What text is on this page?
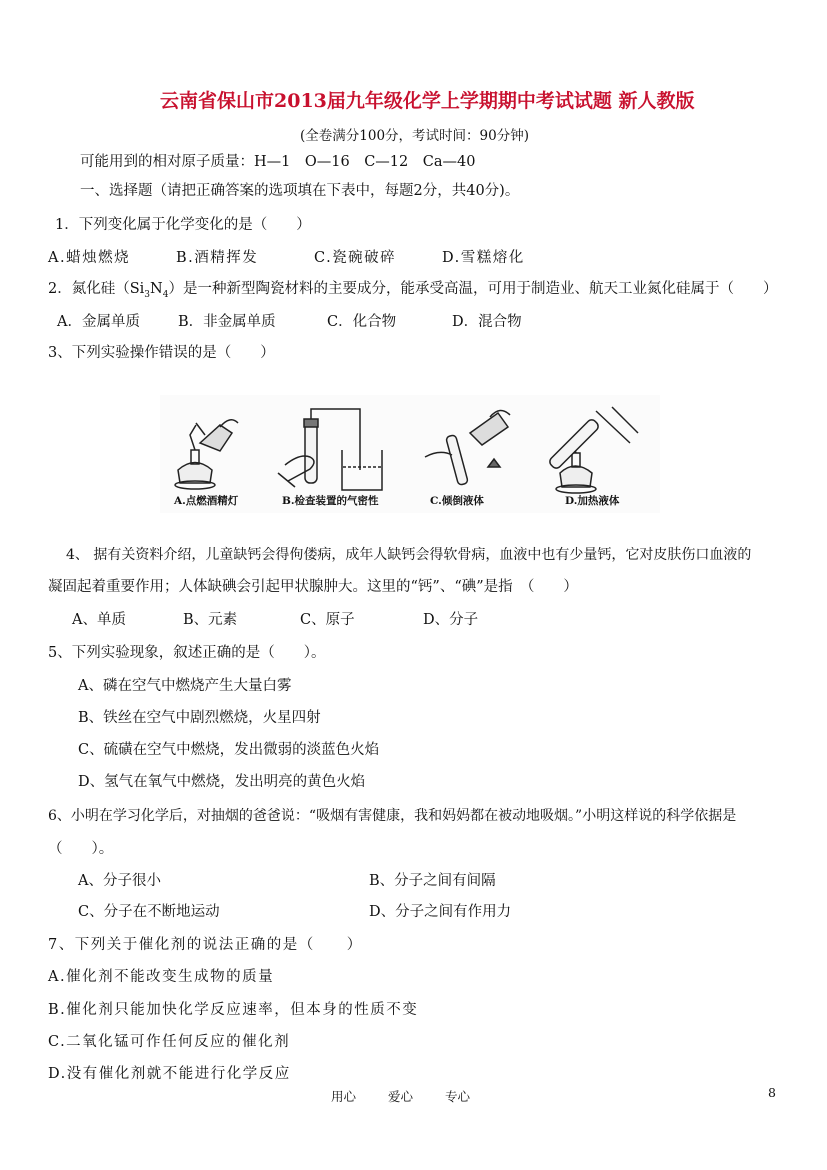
云南省保山市2013届九年级化学上学期期中考试试题 新人教版
(全卷满分100分，考试时间：90分钟)
可能用到的相对原子质量：H—1　O—16　C—12　Ca—40
一、选择题（请把正确答案的选项填在下表中，每题2分，共40分)。
1．下列变化属于化学变化的是（　　）
A.蜡烛燃烧	B.酒精挥发	C.瓷碗破碎	D.雪糕熔化
2．氮化硅$(Si_3N_4)$是一种新型陶瓷材料的主要成分，能承受高温，可用于制造业、航天工业氮化硅属于（　　）
A．金属单质	B．非金属单质	C．化合物	D．混合物
3、下列实验操作错误的是（　　）
A.点燃酒精灯	B.检查装置的气密性	C.倾倒液体	D.加热液体
4、 据有关资料介绍，儿童缺钙会得佝偻病，成年人缺钙会得软骨病，血液中也有少量钙，它对皮肤伤口血液的
凝固起着重要作用；人体缺碘会引起甲状腺肿大。这里的“钙”、“碘”是指　（　　）
A、单质	B、元素	C、原子	D、分子
5、下列实验现象，叙述正确的是（　　）。
A、磷在空气中燃烧产生大量白雾
B、铁丝在空气中剧烈燃烧，火星四射
C、硫磺在空气中燃烧，发出微弱的淡蓝色火焰
D、氢气在氧气中燃烧，发出明亮的黄色火焰
6、小明在学习化学后，对抽烟的爸爸说：“吸烟有害健康，我和妈妈都在被动地吸烟。”小明这样说的科学依据是
（　　）。
A、分子很小	B、分子之间有间隔
C、分子在不断地运动	D、分子之间有作用力
7、下列关于催化剂的说法正确的是（　　）
A.催化剂不能改变生成物的质量
B.催化剂只能加快化学反应速率，但本身的性质不变
C.二氧化锰可作任何反应的催化剂
D.没有催化剂就不能进行化学反应
用心	爱心	专心	8
